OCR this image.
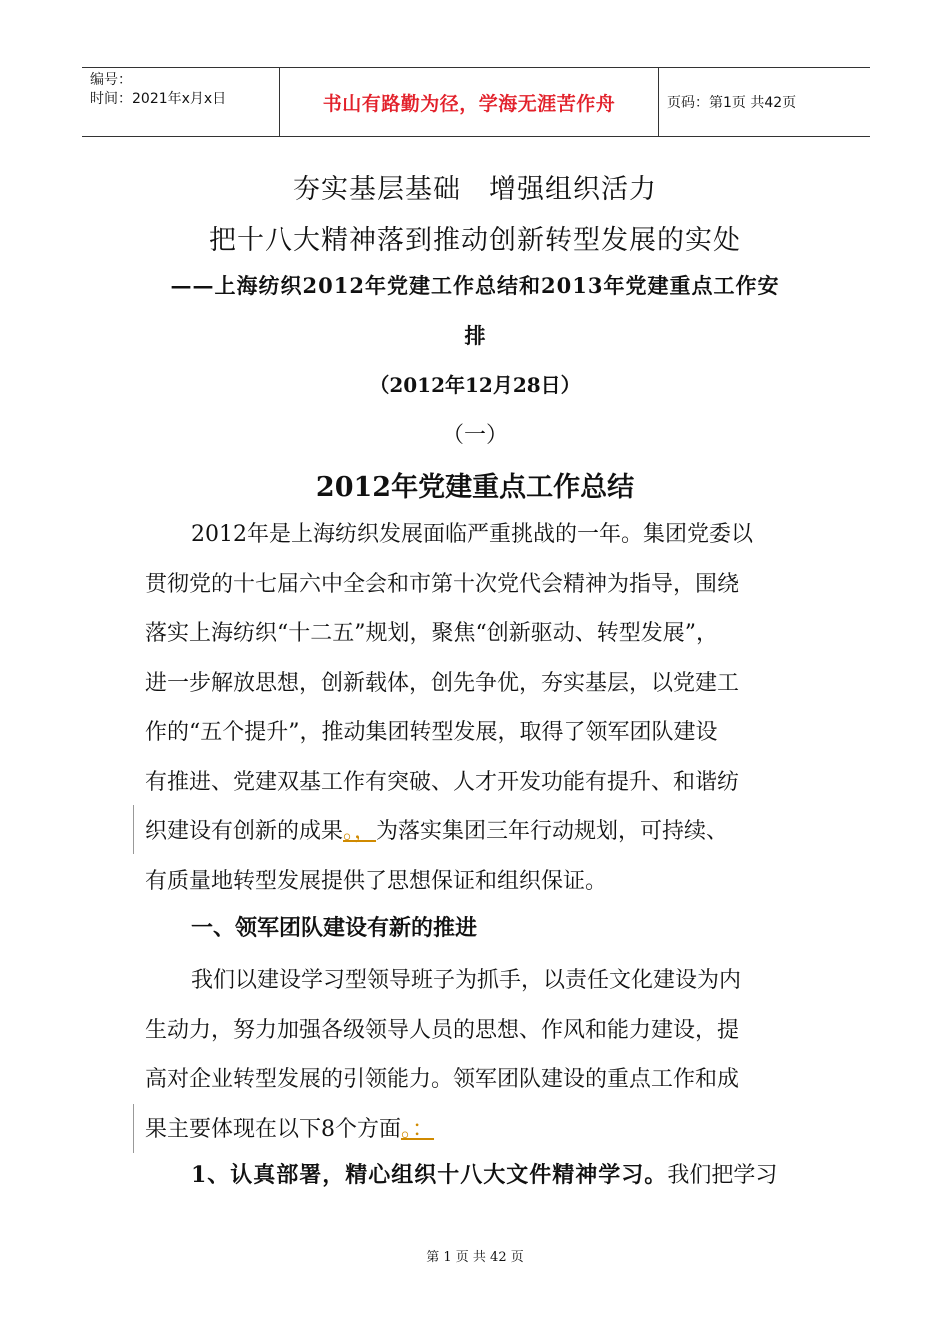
编号：
时间：2021年x月x日	书山有路勤为径，学海无涯苦作舟	页码：第1页 共42页
夯实基层基础　增强组织活力
把十八大精神落到推动创新转型发展的实处
——上海纺织2012年党建工作总结和2013年党建重点工作安
排
（2012年12月28日）
（一）
2012年党建重点工作总结
2012年是上海纺织发展面临严重挑战的一年。集团党委以
贯彻党的十七届六中全会和市第十次党代会精神为指导，围绕
落实上海纺织“十二五”规划，聚焦“创新驱动、转型发展”，
进一步解放思想，创新载体，创先争优，夯实基层，以党建工
作的“五个提升”，推动集团转型发展，取得了领军团队建设
有推进、党建双基工作有突破、人才开发功能有提升、和谐纺
织建设有创新的成果。，为落实集团三年行动规划，可持续、
有质量地转型发展提供了思想保证和组织保证。
一、领军团队建设有新的推进
我们以建设学习型领导班子为抓手，以责任文化建设为内
生动力，努力加强各级领导人员的思想、作风和能力建设，提
高对企业转型发展的引领能力。领军团队建设的重点工作和成
果主要体现在以下8个方面。：
1、认真部署，精心组织十八大文件精神学习。我们把学习
第 1 页 共 42 页
